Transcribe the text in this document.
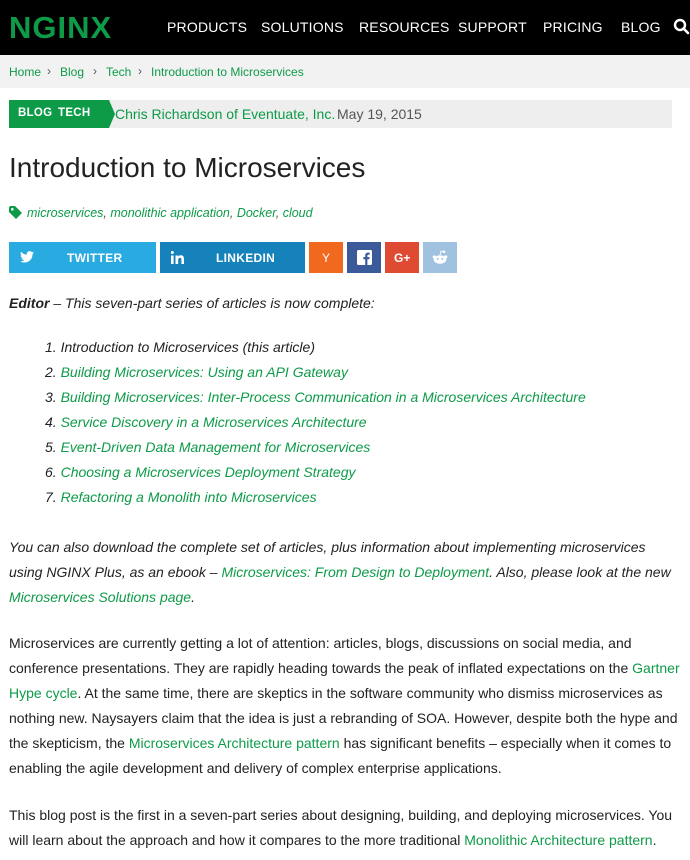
NGINX	PRODUCTS SOLUTIONS RESOURCES SUPPORT PRICING BLOG
Home › Blog › Tech › Introduction to Microservices
BLOG TECH Chris Richardson of Eventuate, Inc. May 19, 2015
Introduction to Microservices
microservices, monolithic application, Docker, cloud
TWITTER	LINKEDIN	Y	G+
Editor – This seven-part series of articles is now complete:
1. Introduction to Microservices (this article)
2. Building Microservices: Using an API Gateway
3. Building Microservices: Inter-Process Communication in a Microservices Architecture
4. Service Discovery in a Microservices Architecture
5. Event-Driven Data Management for Microservices
6. Choosing a Microservices Deployment Strategy
7. Refactoring a Monolith into Microservices

You can also download the complete set of articles, plus information about implementing microservices using NGINX Plus, as an ebook – Microservices: From Design to Deployment. Also, please look at the new Microservices Solutions page.

Microservices are currently getting a lot of attention: articles, blogs, discussions on social media, and conference presentations. They are rapidly heading towards the peak of inflated expectations on the Gartner Hype cycle. At the same time, there are skeptics in the software community who dismiss microservices as nothing new. Naysayers claim that the idea is just a rebranding of SOA. However, despite both the hype and the skepticism, the Microservices Architecture pattern has significant benefits – especially when it comes to enabling the agile development and delivery of complex enterprise applications.

This blog post is the first in a seven-part series about designing, building, and deploying microservices. You will learn about the approach and how it compares to the more traditional Monolithic Architecture pattern.
